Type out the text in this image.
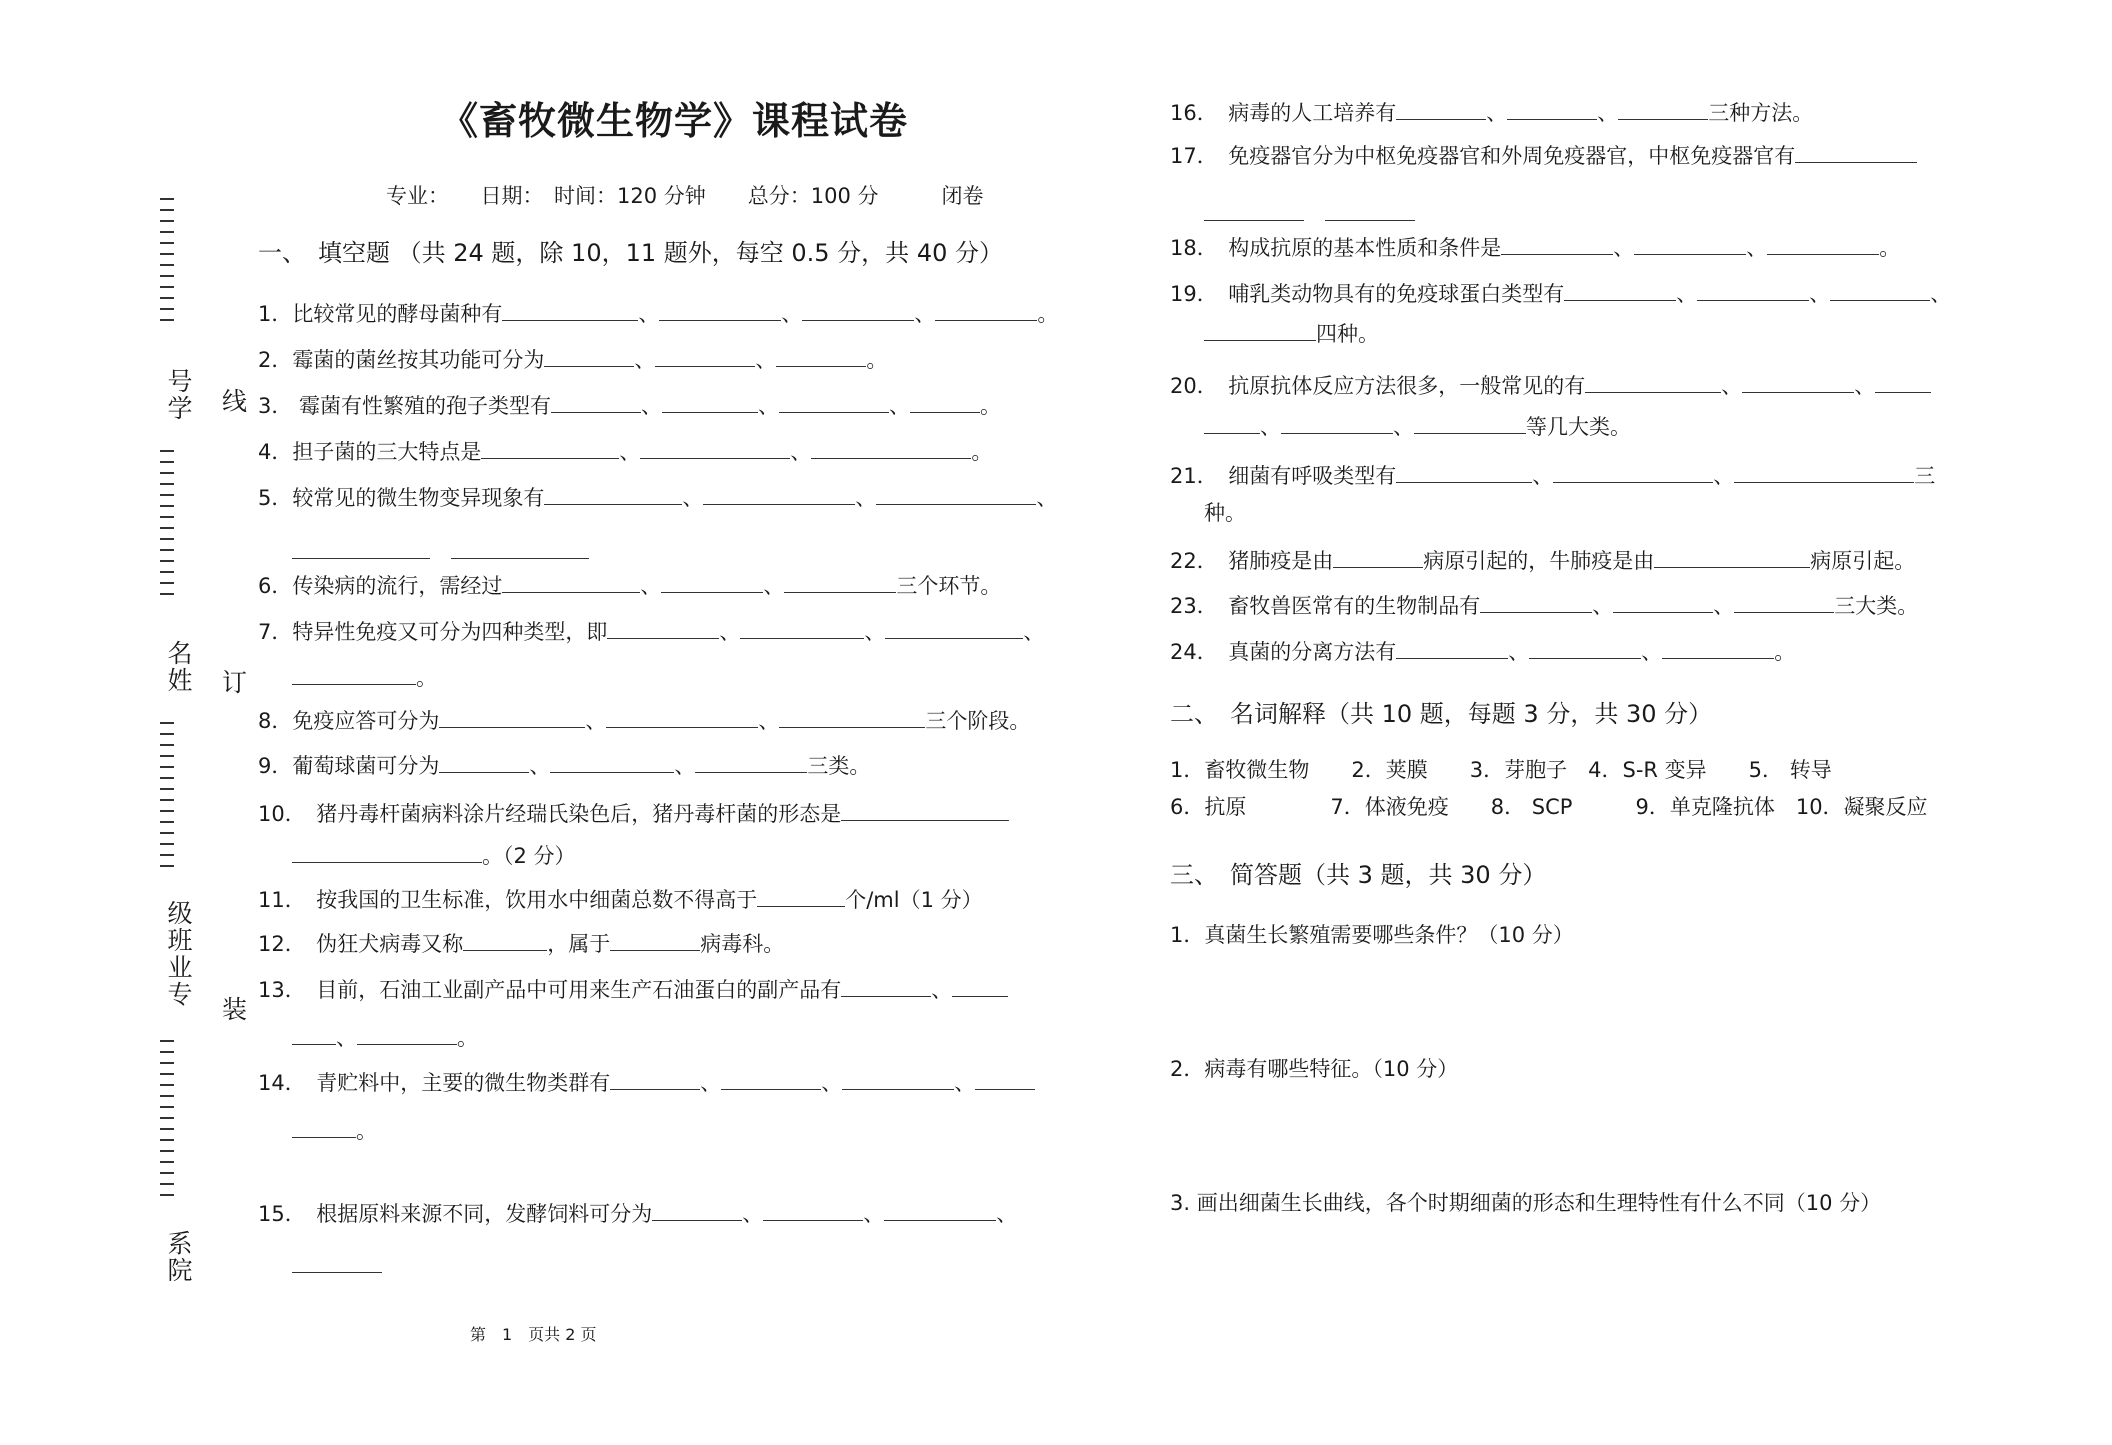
号学
名姓
级班业专
系院
线
订
装
《畜牧微生物学》课程试卷
专业：　　日期：　时间：120 分钟　　总分：100 分　　　闭卷
一、　填空题 （共 24 题，除 10，11 题外，每空 0.5 分，共 40 分）
1．比较常见的酵母菌种有	、	、	、	。
2．霉菌的菌丝按其功能可分为	、	、	。
3． 霉菌有性繁殖的孢子类型有	、	、	、	。
4．担子菌的三大特点是	、	、	。
5．较常见的微生物变异现象有	、	、	、

6．传染病的流行，需经过	、	、	三个环节。
7．特异性免疫又可分为四种类型，即	、	、	、
。
8．免疫应答可分为	、	、	三个阶段。
9．葡萄球菌可分为	、	、	三类。
10．　 猪丹毒杆菌病料涂片经瑞氏染色后，猪丹毒杆菌的形态是
。（2 分）
11．　 按我国的卫生标准，饮用水中细菌总数不得高于	个/ml（1 分）
12．　 伪狂犬病毒又称	，属于	病毒科。
13．　 目前，石油工业副产品中可用来生产石油蛋白的副产品有	、
、	。
14．　 青贮料中，主要的微生物类群有	、	、	、
。
15．　 根据原料来源不同，发酵饲料可分为	、	、	、
第　1　页共 2 页
16．　 病毒的人工培养有	、	、	三种方法。
17．　 免疫器官分为中枢免疫器官和外周免疫器官，中枢免疫器官有

18．　 构成抗原的基本性质和条件是	、	、	。
19．　 哺乳类动物具有的免疫球蛋白类型有	、	、	、
四种。
20．　 抗原抗体反应方法很多，一般常见的有	、	、
、	、	等几大类。
21．　 细菌有呼吸类型有	、	、	三
种。
22．　 猪肺疫是由	病原引起的，牛肺疫是由	病原引起。
23．　 畜牧兽医常有的生物制品有	、	、	三大类。
24．　 真菌的分离方法有	、	、	。
二、　名词解释（共 10 题，每题 3 分，共 30 分）
1．畜牧微生物　　 2．荚膜　　 3．芽胞子　 4．S-R 变异　　 5． 转导
6．抗原　　　　	7．体液免疫　　 8． SCP　　　	9．单克隆抗体　 10．凝聚反应
三、　简答题（共 3 题，共 30 分）
1．真菌生长繁殖需要哪些条件？（10 分）
2．病毒有哪些特征。（10 分）
3. 画出细菌生长曲线，各个时期细菌的形态和生理特性有什么不同（10 分）
